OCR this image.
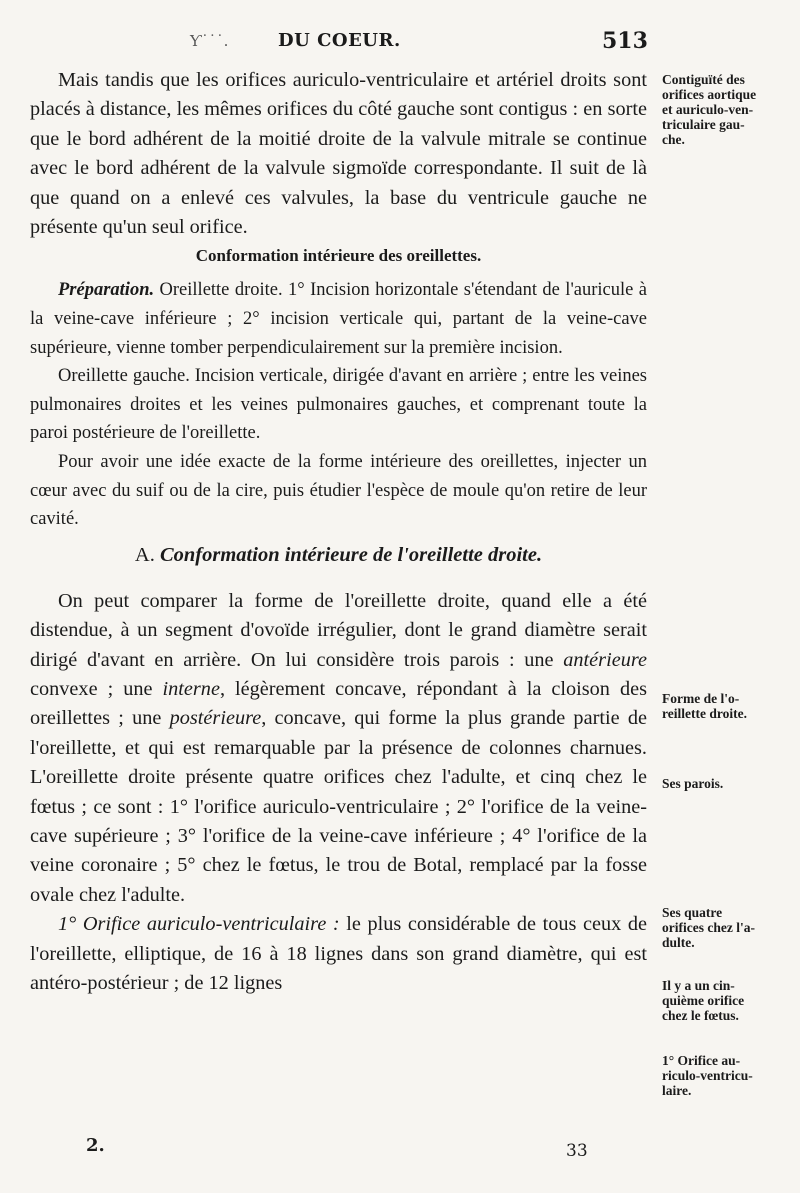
Ƴ˙˙˙.	DU COEUR.	513

Mais tandis que les orifices auriculo-ventriculaire et artériel droits sont placés à distance, les mêmes orifices du côté gauche sont contigus : en sorte que le bord adhérent de la moitié droite de la valvule mitrale se continue avec le bord adhérent de la valvule sigmoïde correspondante. Il suit de là que quand on a enlevé ces valvules, la base du ventricule gauche ne présente qu'un seul orifice.

Conformation intérieure des oreillettes.

Préparation. Oreillette droite. 1° Incision horizontale s'étendant de l'auricule à la veine-cave inférieure ; 2° incision verticale qui, partant de la veine-cave supérieure, vienne tomber perpendiculairement sur la première incision.

Oreillette gauche. Incision verticale, dirigée d'avant en arrière ; entre les veines pulmonaires droites et les veines pulmonaires gauches, et comprenant toute la paroi postérieure de l'oreillette.

Pour avoir une idée exacte de la forme intérieure des oreillettes, injecter un cœur avec du suif ou de la cire, puis étudier l'espèce de moule qu'on retire de leur cavité.

A. Conformation intérieure de l'oreillette droite.

On peut comparer la forme de l'oreillette droite, quand elle a été distendue, à un segment d'ovoïde irrégulier, dont le grand diamètre serait dirigé d'avant en arrière. On lui considère trois parois : une antérieure convexe ; une interne, légèrement concave, répondant à la cloison des oreillettes ; une postérieure, concave, qui forme la plus grande partie de l'oreillette, et qui est remarquable par la présence de colonnes charnues. L'oreillette droite présente quatre orifices chez l'adulte, et cinq chez le fœtus ; ce sont : 1° l'orifice auriculo-ventriculaire ; 2° l'orifice de la veine-cave supérieure ; 3° l'orifice de la veine-cave inférieure ; 4° l'orifice de la veine coronaire ; 5° chez le fœtus, le trou de Botal, remplacé par la fosse ovale chez l'adulte.

1° Orifice auriculo-ventriculaire : le plus considérable de tous ceux de l'oreillette, elliptique, de 16 à 18 lignes dans son grand diamètre, qui est antéro-postérieur ; de 12 lignes

Contiguïté des
orifices aortique
et auriculo-ven-
triculaire gau-
che.
Forme de l'o-
reillette droite.
Ses parois.
Ses quatre
orifices chez l'a-
dulte.
Il y a un cin-
quième orifice
chez le fœtus.
1° Orifice au-
riculo-ventricu-
laire.
2.	33
